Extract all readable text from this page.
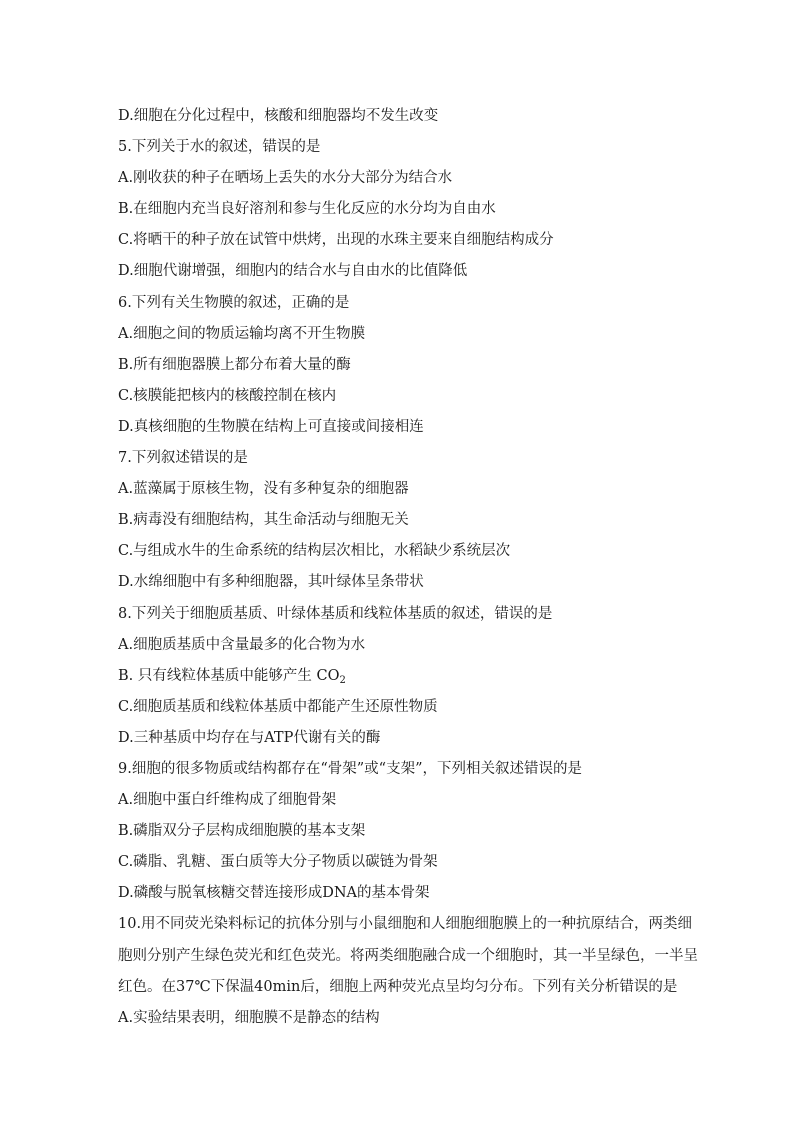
D.细胞在分化过程中，核酸和细胞器均不发生改变
5.下列关于水的叙述，错误的是
A.刚收获的种子在晒场上丢失的水分大部分为结合水
B.在细胞内充当良好溶剂和参与生化反应的水分均为自由水
C.将晒干的种子放在试管中烘烤，出现的水珠主要来自细胞结构成分
D.细胞代谢增强，细胞内的结合水与自由水的比值降低
6.下列有关生物膜的叙述，正确的是
A.细胞之间的物质运输均离不开生物膜
B.所有细胞器膜上都分布着大量的酶
C.核膜能把核内的核酸控制在核内
D.真核细胞的生物膜在结构上可直接或间接相连
7.下列叙述错误的是
A.蓝藻属于原核生物，没有多种复杂的细胞器
B.病毒没有细胞结构，其生命活动与细胞无关
C.与组成水牛的生命系统的结构层次相比，水稻缺少系统层次
D.水绵细胞中有多种细胞器，其叶绿体呈条带状
8.下列关于细胞质基质、叶绿体基质和线粒体基质的叙述，错误的是
A.细胞质基质中含量最多的化合物为水
B. 只有线粒体基质中能够产生 $CO_2$
C.细胞质基质和线粒体基质中都能产生还原性物质
D.三种基质中均存在与ATP代谢有关的酶
9.细胞的很多物质或结构都存在“骨架”或“支架”，下列相关叙述错误的是
A.细胞中蛋白纤维构成了细胞骨架
B.磷脂双分子层构成细胞膜的基本支架
C.磷脂、乳糖、蛋白质等大分子物质以碳链为骨架
D.磷酸与脱氧核糖交替连接形成DNA的基本骨架
10.用不同荧光染料标记的抗体分别与小鼠细胞和人细胞细胞膜上的一种抗原结合，两类细
胞则分别产生绿色荧光和红色荧光。将两类细胞融合成一个细胞时，其一半呈绿色，一半呈
红色。在37℃下保温40min后，细胞上两种荧光点呈均匀分布。下列有关分析错误的是
A.实验结果表明，细胞膜不是静态的结构
